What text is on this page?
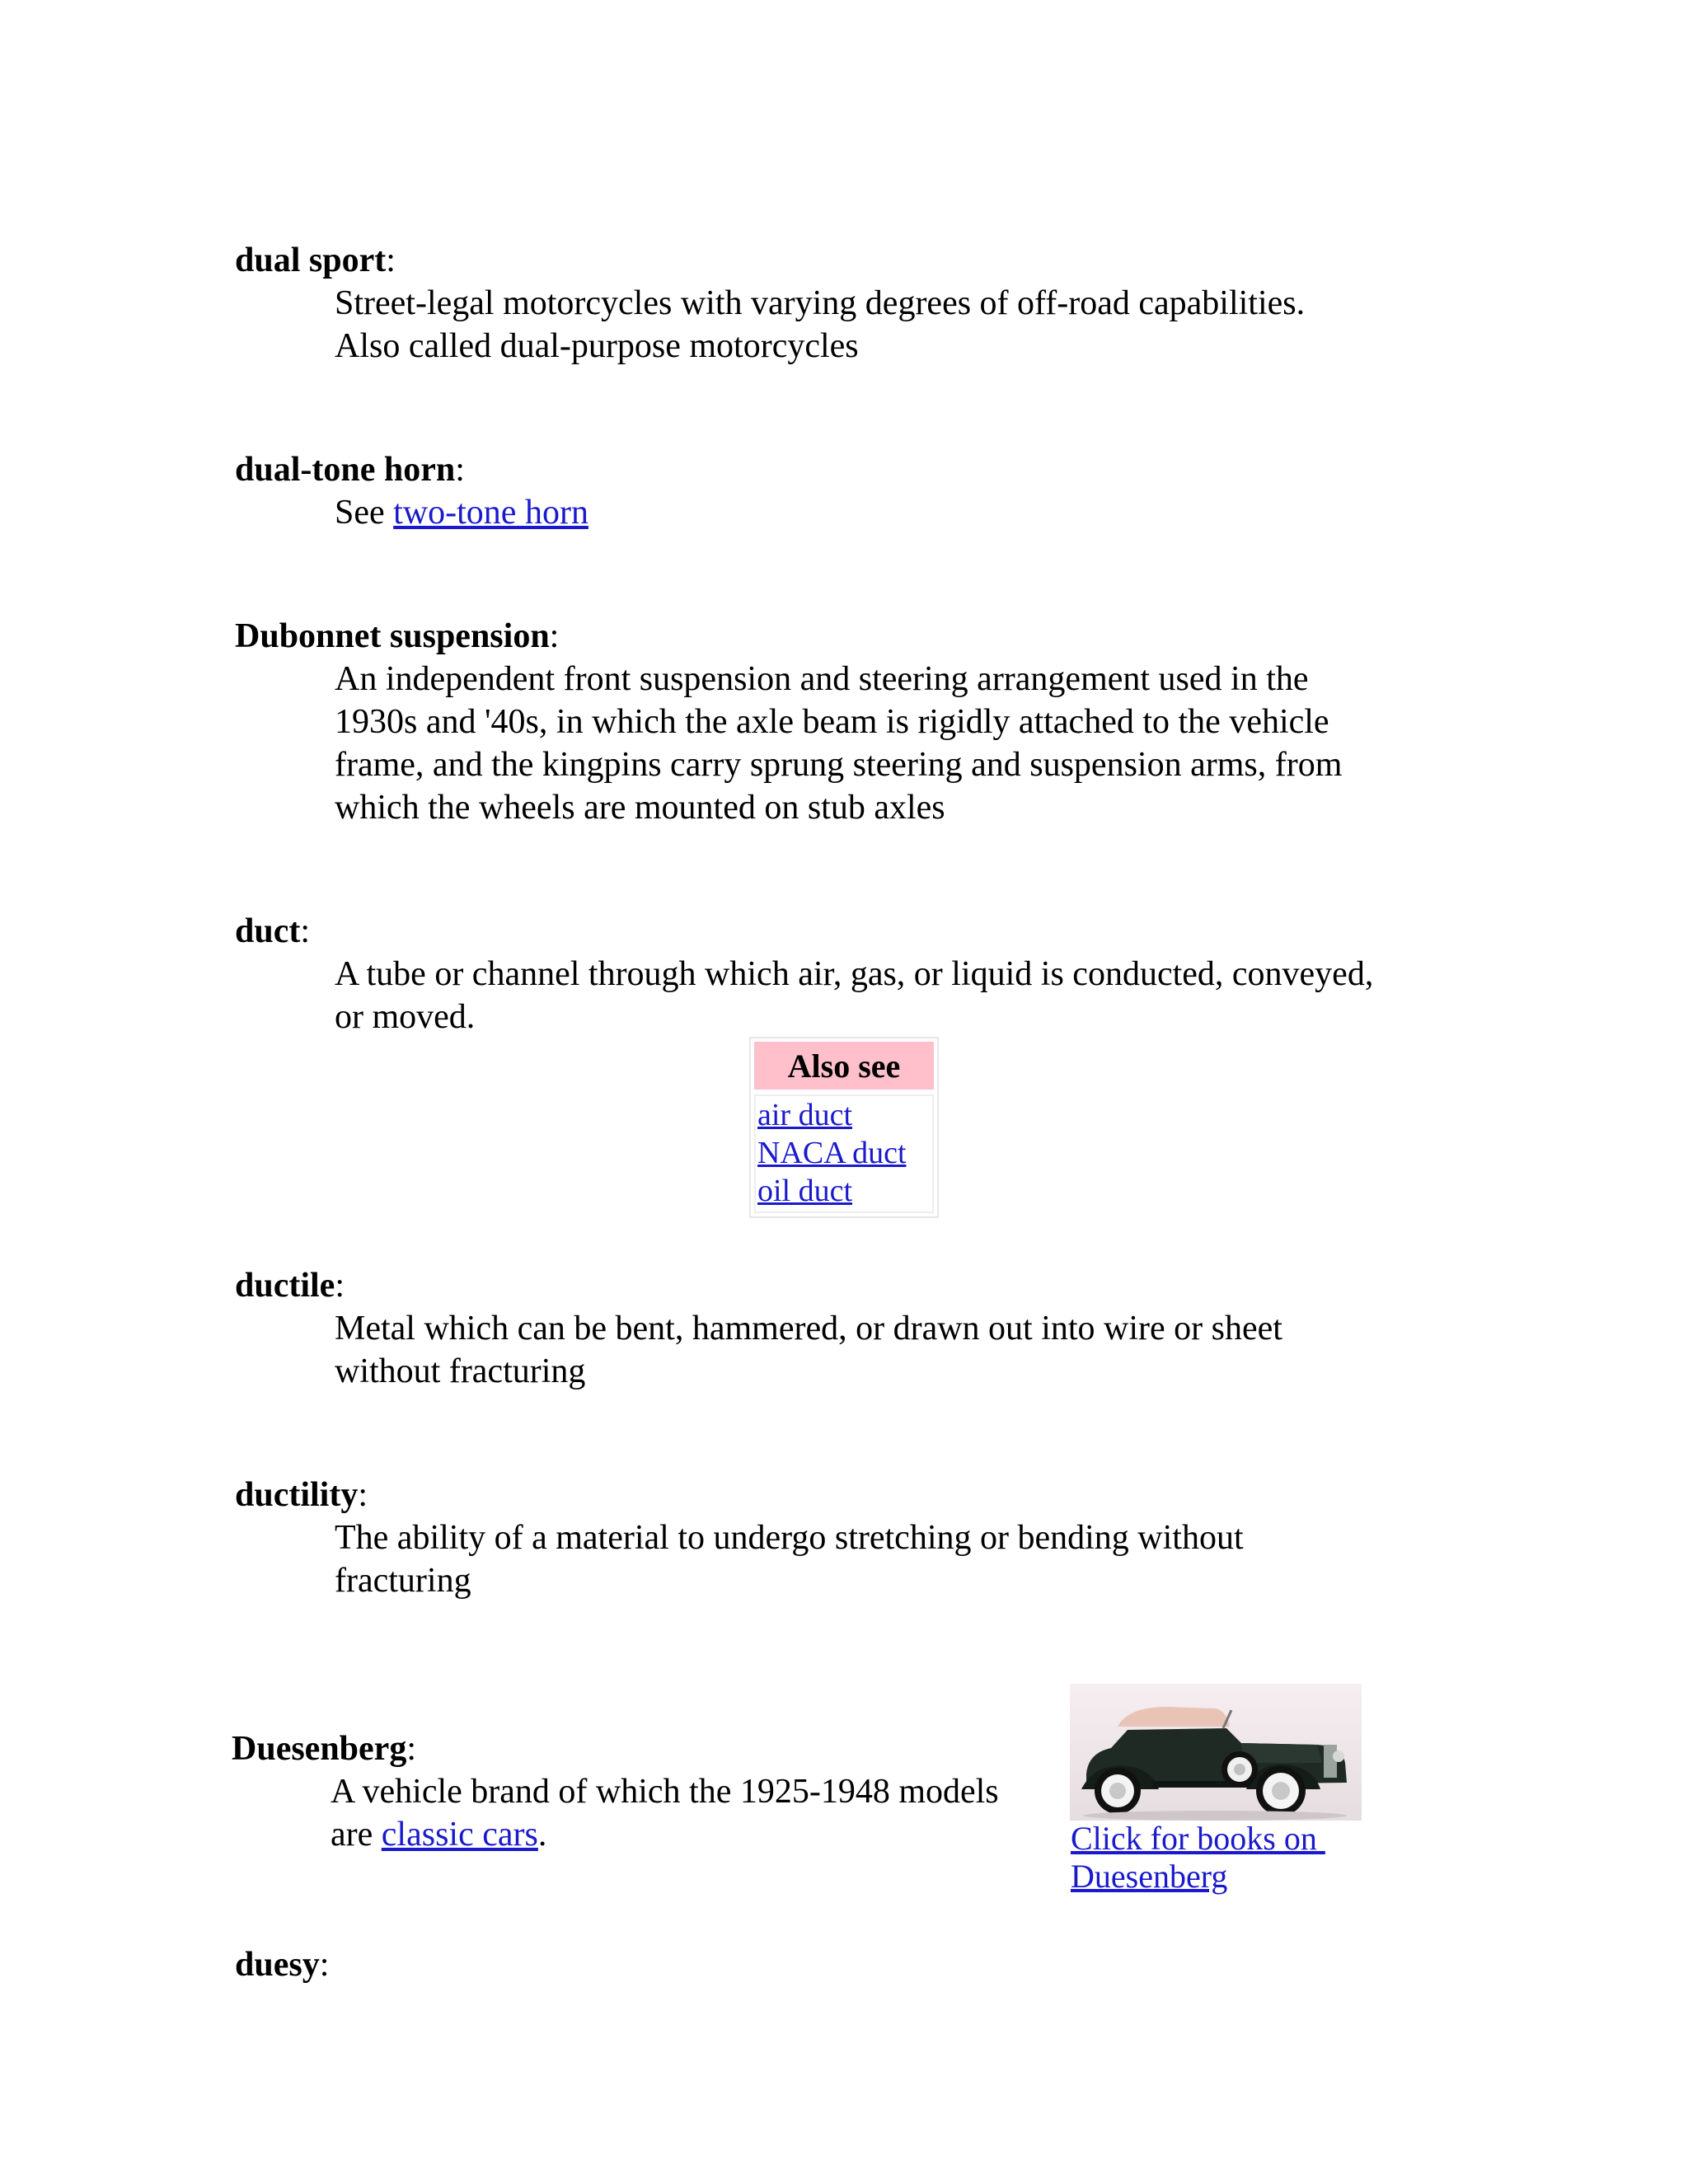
dual sport:
Street-legal motorcycles with varying degrees of off-road capabilities.
Also called dual-purpose motorcycles
dual-tone horn:
See two-tone horn
Dubonnet suspension:
An independent front suspension and steering arrangement used in the
1930s and '40s, in which the axle beam is rigidly attached to the vehicle
frame, and the kingpins carry sprung steering and suspension arms, from
which the wheels are mounted on stub axles
duct:
A tube or channel through which air, gas, or liquid is conducted, conveyed,
or moved.
Also see
air duct
NACA duct
oil duct
ductile:
Metal which can be bent, hammered, or drawn out into wire or sheet
without fracturing
ductility:
The ability of a material to undergo stretching or bending without
fracturing
Duesenberg:
A vehicle brand of which the 1925-1948 models
are classic cars.	Click for books on
Duesenberg
duesy:
